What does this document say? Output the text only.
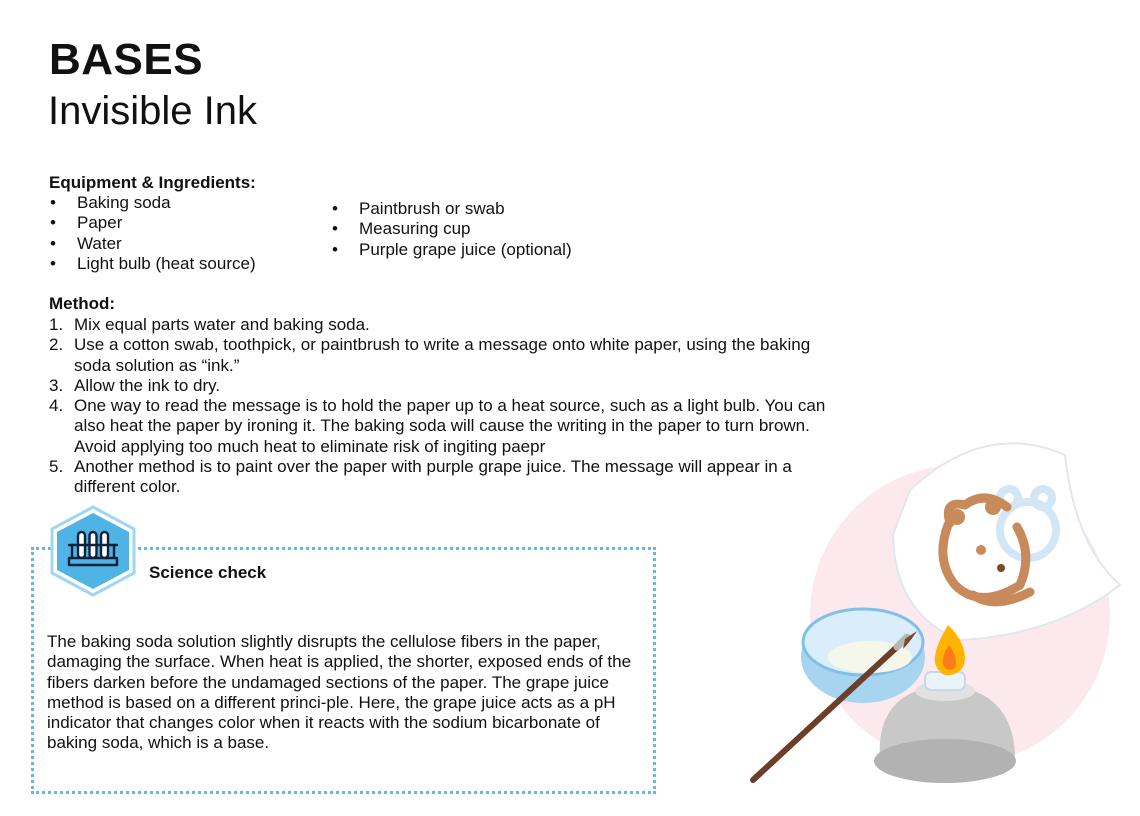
BASES
Invisible Ink
Equipment & Ingredients:
• Baking soda
• Paper
• Water
• Light bulb (heat source)
• Paintbrush or swab
• Measuring cup
• Purple grape juice (optional)
Method:
1. Mix equal parts water and baking soda.
2. Use a cotton swab, toothpick, or paintbrush to write a message onto white paper, using the baking soda solution as “ink.”
3. Allow the ink to dry.
4. One way to read the message is to hold the paper up to a heat source, such as a light bulb. You can also heat the paper by ironing it. The baking soda will cause the writing in the paper to turn brown. Avoid applying too much heat to eliminate risk of ingiting paepr
5. Another method is to paint over the paper with purple grape juice. The message will appear in a different color.
Science check
The baking soda solution slightly disrupts the cellulose fibers in the paper, damaging the surface. When heat is applied, the shorter, exposed ends of the fibers darken before the undamaged sections of the paper. The grape juice method is based on a different princi-ple. Here, the grape juice acts as a pH indicator that changes color when it reacts with the sodium bicarbonate of baking soda, which is a base.
